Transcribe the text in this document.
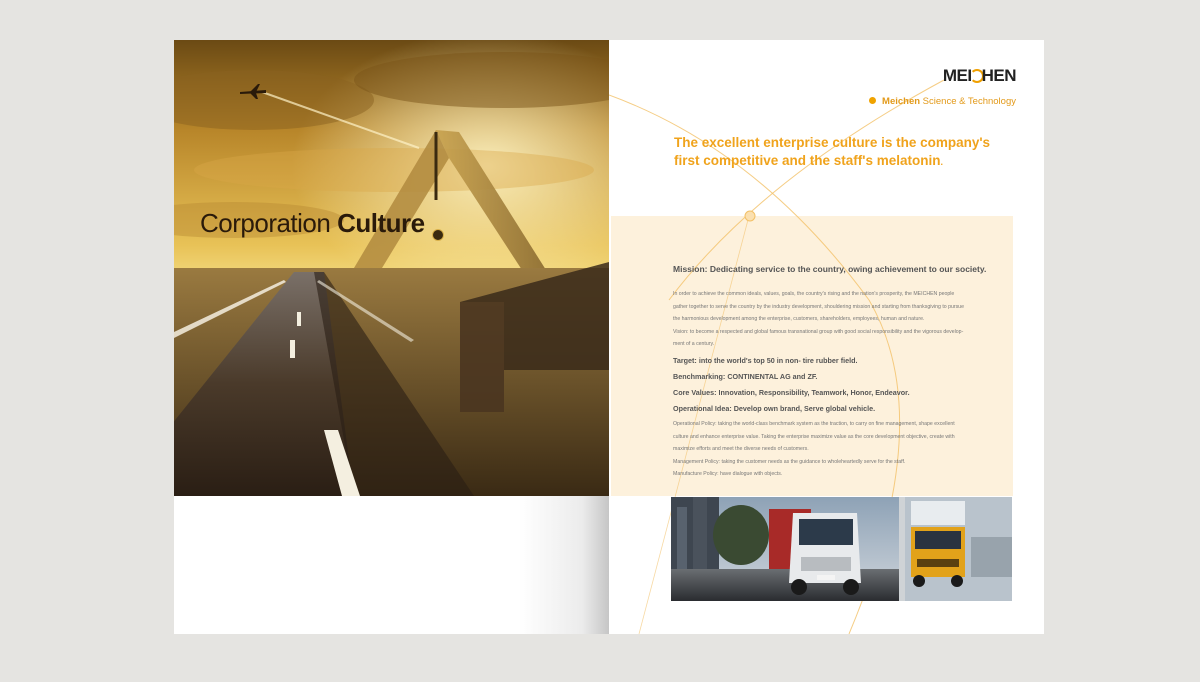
Corporation Culture
MEI HEN
Meichen Science & Technology
The excellent enterprise culture is the company's
first competitive and the staff's melatonin.
Mission: Dedicating service to the country, owing achievement to our society.
In order to achieve the common ideals, values, goals, the country's rising and the nation's prosperity, the MEICHEN people
gather together to serve the country by the industry development, shouldering mission and starting from thanksgiving to pursue
the harmonious development among the enterprise, customers, shareholders, employees, human and nature.
Vision: to become a respected and global famous transnational group with good social responsibility and the vigorous develop-
ment of a century.
Target: into the world's top 50 in non- tire rubber field.
Benchmarking: CONTINENTAL AG and ZF.
Core Values: Innovation, Responsibility, Teamwork, Honor, Endeavor.
Operational Idea: Develop own brand, Serve global vehicle.
Operational Policy: taking the world-class benchmark system as the traction, to carry on fine management, shape excellent
culture and enhance enterprise value. Taking the enterprise maximize value as the core development objective, create with
maximize efforts and meet the diverse needs of customers.
Management Policy: taking the customer needs as the guidance to wholeheartedly serve for the staff.
Manufacture Policy: have dialogue with objects.
